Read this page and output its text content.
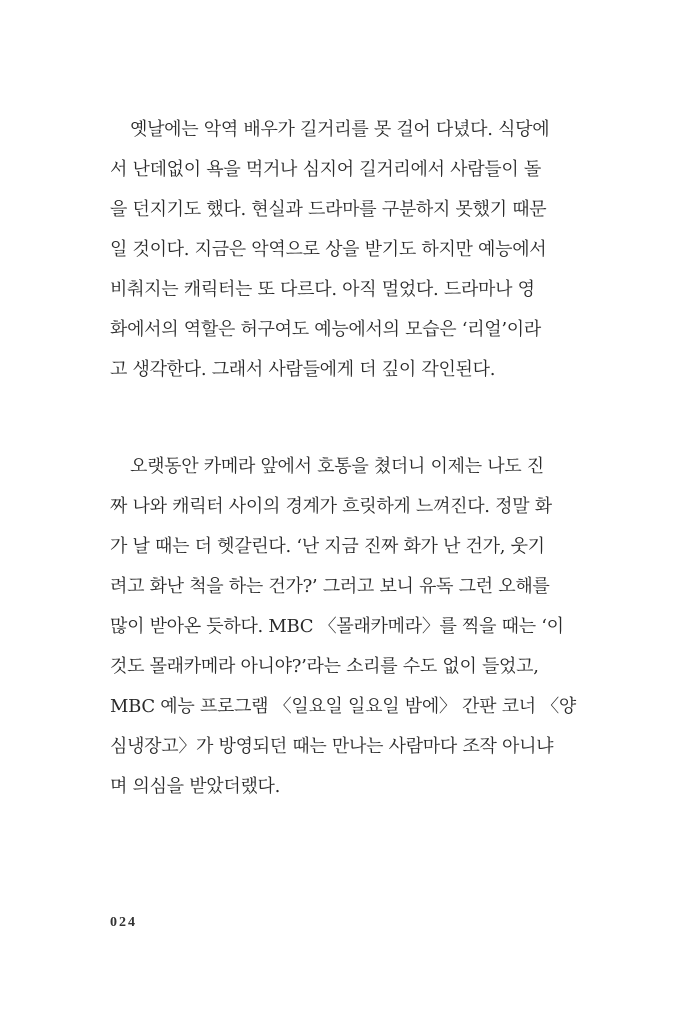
옛날에는 악역 배우가 길거리를 못 걸어 다녔다. 식당에
서 난데없이 욕을 먹거나 심지어 길거리에서 사람들이 돌
을 던지기도 했다. 현실과 드라마를 구분하지 못했기 때문
일 것이다. 지금은 악역으로 상을 받기도 하지만 예능에서
비춰지는 캐릭터는 또 다르다. 아직 멀었다. 드라마나 영
화에서의 역할은 허구여도 예능에서의 모습은 ‘리얼’이라
고 생각한다. 그래서 사람들에게 더 깊이 각인된다.
오랫동안 카메라 앞에서 호통을 쳤더니 이제는 나도 진
짜 나와 캐릭터 사이의 경계가 흐릿하게 느껴진다. 정말 화
가 날 때는 더 헷갈린다. ‘난 지금 진짜 화가 난 건가, 웃기
려고 화난 척을 하는 건가?’ 그러고 보니 유독 그런 오해를
많이 받아온 듯하다. MBC 〈몰래카메라〉를 찍을 때는 ‘이
것도 몰래카메라 아니야?’라는 소리를 수도 없이 들었고,
MBC 예능 프로그램 〈일요일 일요일 밤에〉 간판 코너 〈양
심냉장고〉가 방영되던 때는 만나는 사람마다 조작 아니냐
며 의심을 받았더랬다.
024
